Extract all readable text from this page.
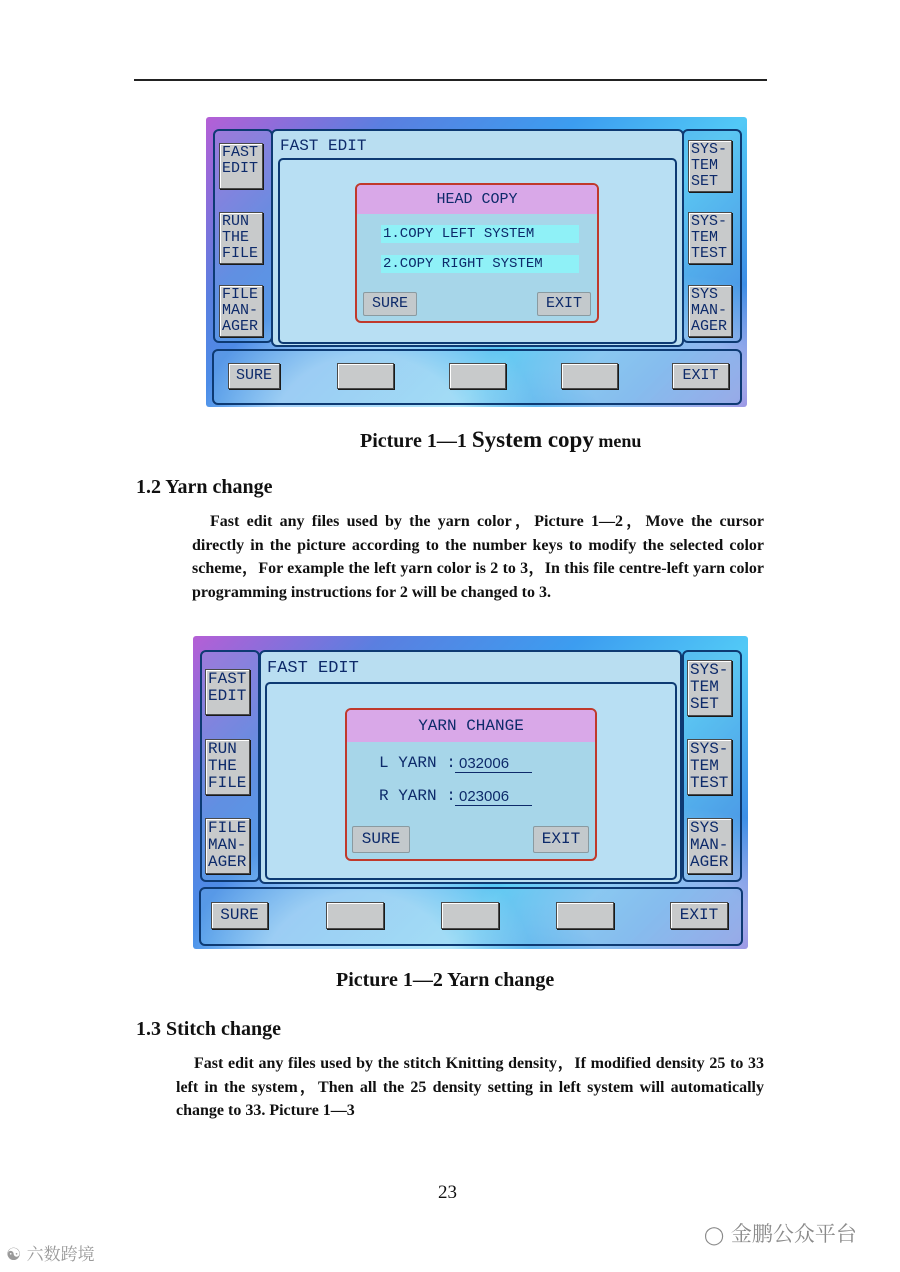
FAST
EDIT
RUN
THE
FILE
FILE
MAN-
AGER
FAST EDIT
HEAD COPY
1.COPY LEFT SYSTEM
2.COPY RIGHT SYSTEM
SURE	EXIT
SYS-
TEM
SET
SYS-
TEM
TEST
SYS
MAN-
AGER
SURE	EXIT
Picture 1—1 System copy menu
1.2 Yarn change
Fast edit any files used by the yarn color，Picture 1—2，Move the cursor directly in the picture according to the number keys to modify the selected color scheme，For example the left yarn color is 2 to 3，In this file centre-left yarn color programming instructions for 2 will be changed to 3.
FAST
EDIT
RUN
THE
FILE
FILE
MAN-
AGER
FAST EDIT
YARN CHANGE
L YARN : 032006
R YARN : 023006
SURE	EXIT
SYS-
TEM
SET
SYS-
TEM
TEST
SYS
MAN-
AGER
SURE	EXIT
Picture 1—2 Yarn change
1.3 Stitch change
Fast edit any files used by the stitch Knitting density，If modified density 25 to 33 left in the system，Then all the 25 density setting in left system will automatically change to 33. Picture 1—3
23
◯ 金鹏公众平台
☯ 六数跨境
